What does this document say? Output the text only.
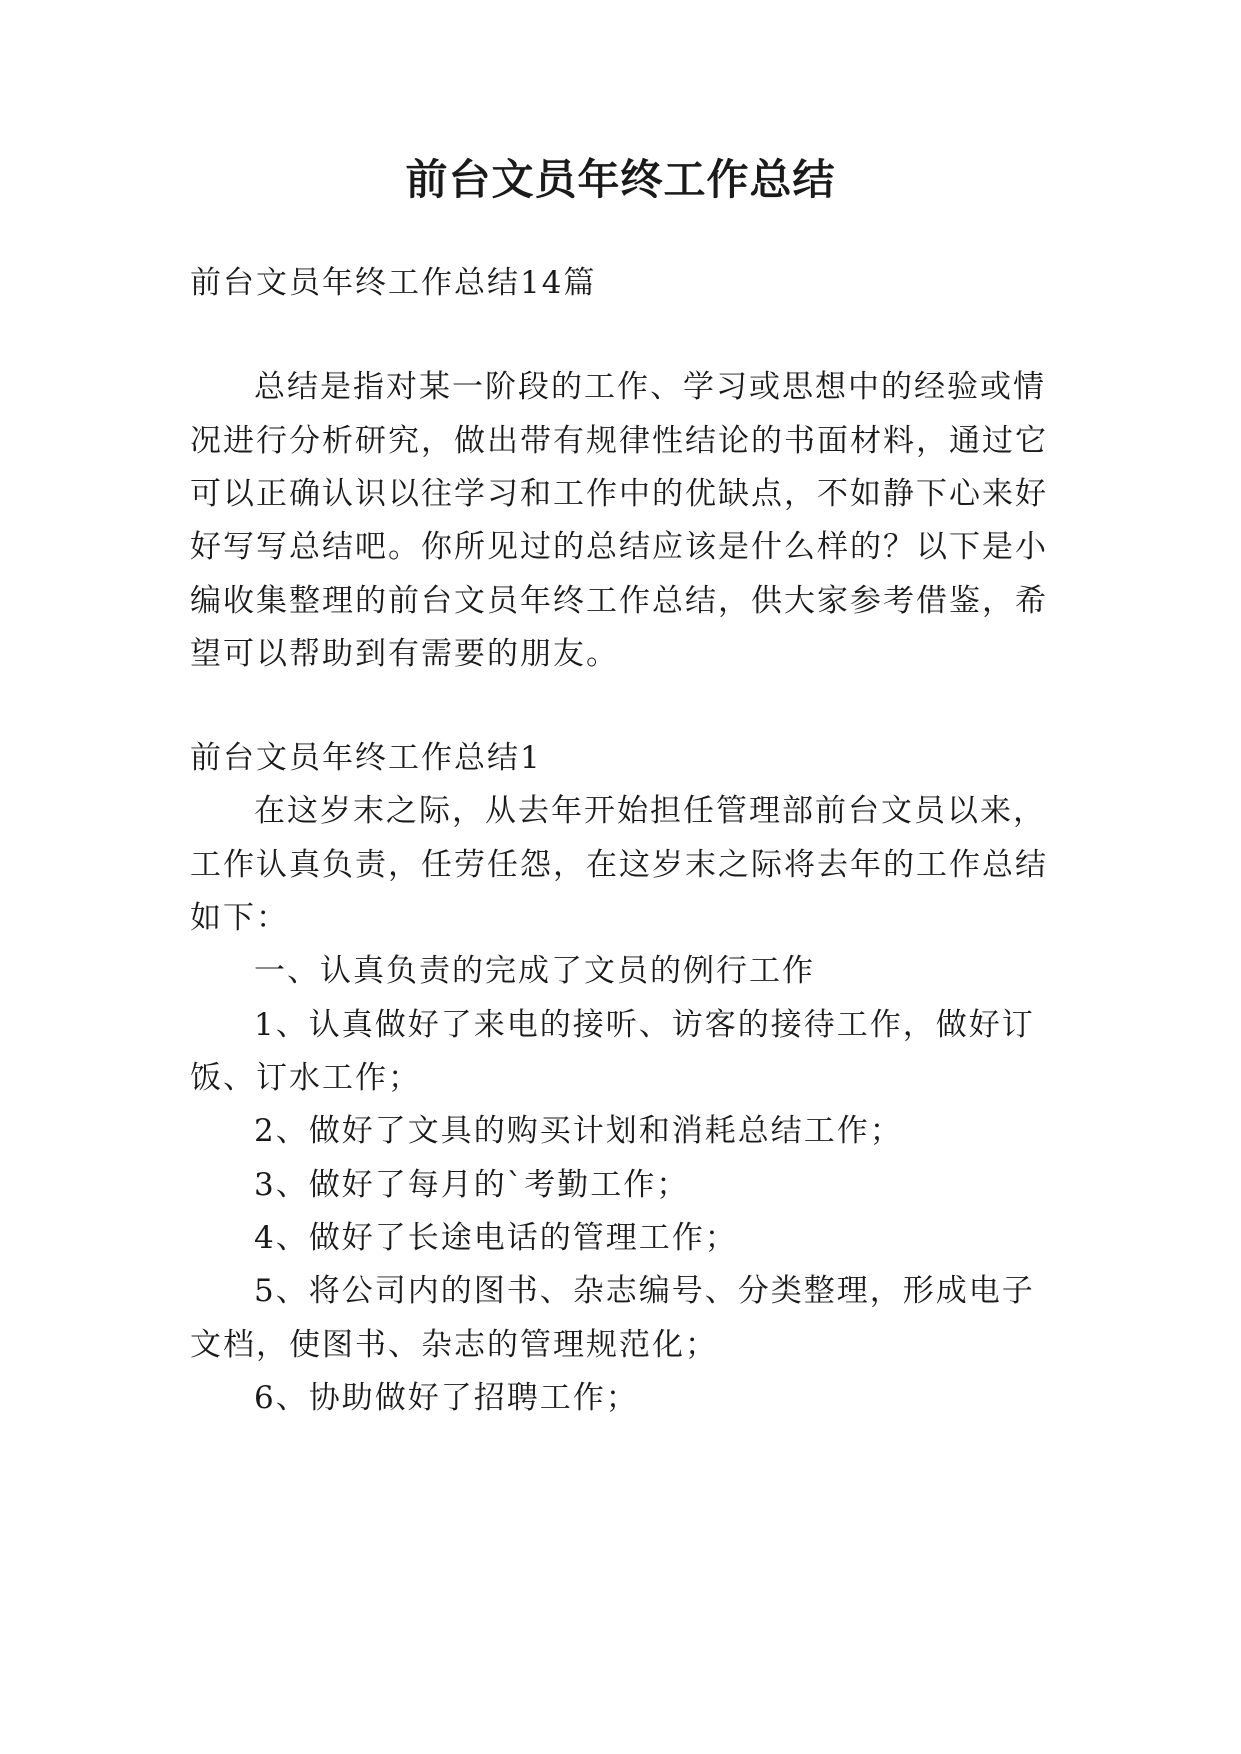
前台文员年终工作总结
前台文员年终工作总结14篇
总结是指对某一阶段的工作、学习或思想中的经验或情
况进行分析研究，做出带有规律性结论的书面材料，通过它
可以正确认识以往学习和工作中的优缺点，不如静下心来好
好写写总结吧。你所见过的总结应该是什么样的？以下是小
编收集整理的前台文员年终工作总结，供大家参考借鉴，希
望可以帮助到有需要的朋友。
前台文员年终工作总结1
在这岁末之际，从去年开始担任管理部前台文员以来，
工作认真负责，任劳任怨，在这岁末之际将去年的工作总结
如下：
一、认真负责的完成了文员的例行工作
1、认真做好了来电的接听、访客的接待工作，做好订
饭、订水工作；
2、做好了文具的购买计划和消耗总结工作；
3、做好了每月的`考勤工作；
4、做好了长途电话的管理工作；
5、将公司内的图书、杂志编号、分类整理，形成电子
文档，使图书、杂志的管理规范化；
6、协助做好了招聘工作；
